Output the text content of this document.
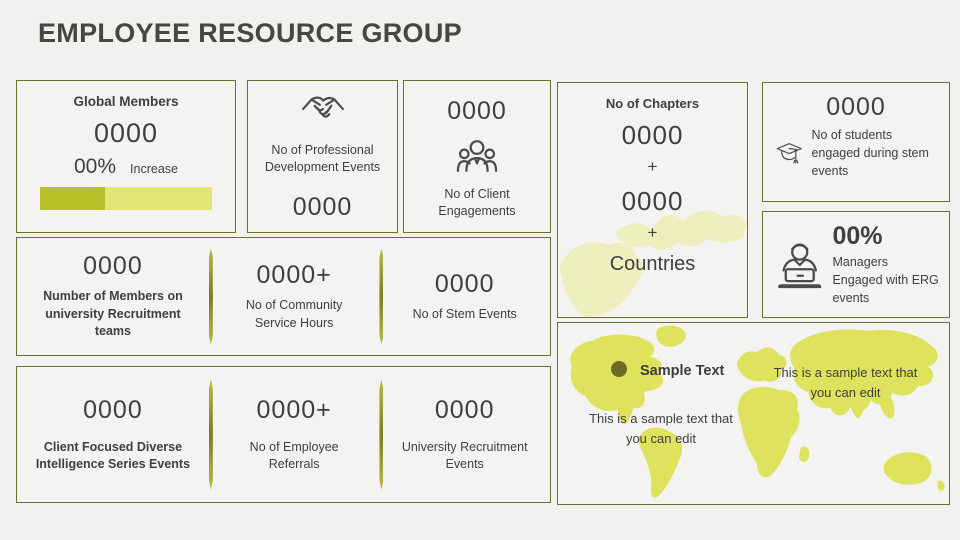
EMPLOYEE RESOURCE GROUP
Global Members
0000
00% Increase
No of Professional Development Events
0000
0000
No of Client Engagements
0000
Number of Members on university Recruitment teams
0000+
No of Community Service Hours
0000
No of Stem Events
0000
Client Focused Diverse Intelligence Series Events
0000+
No of Employee Referrals
0000
University Recruitment Events
No of Chapters
0000
+
0000
+
Countries
0000
No of students engaged during stem events
00%
Managers Engaged with ERG events
Sample Text
This is a sample text that you can edit
This is a sample text that you can edit
